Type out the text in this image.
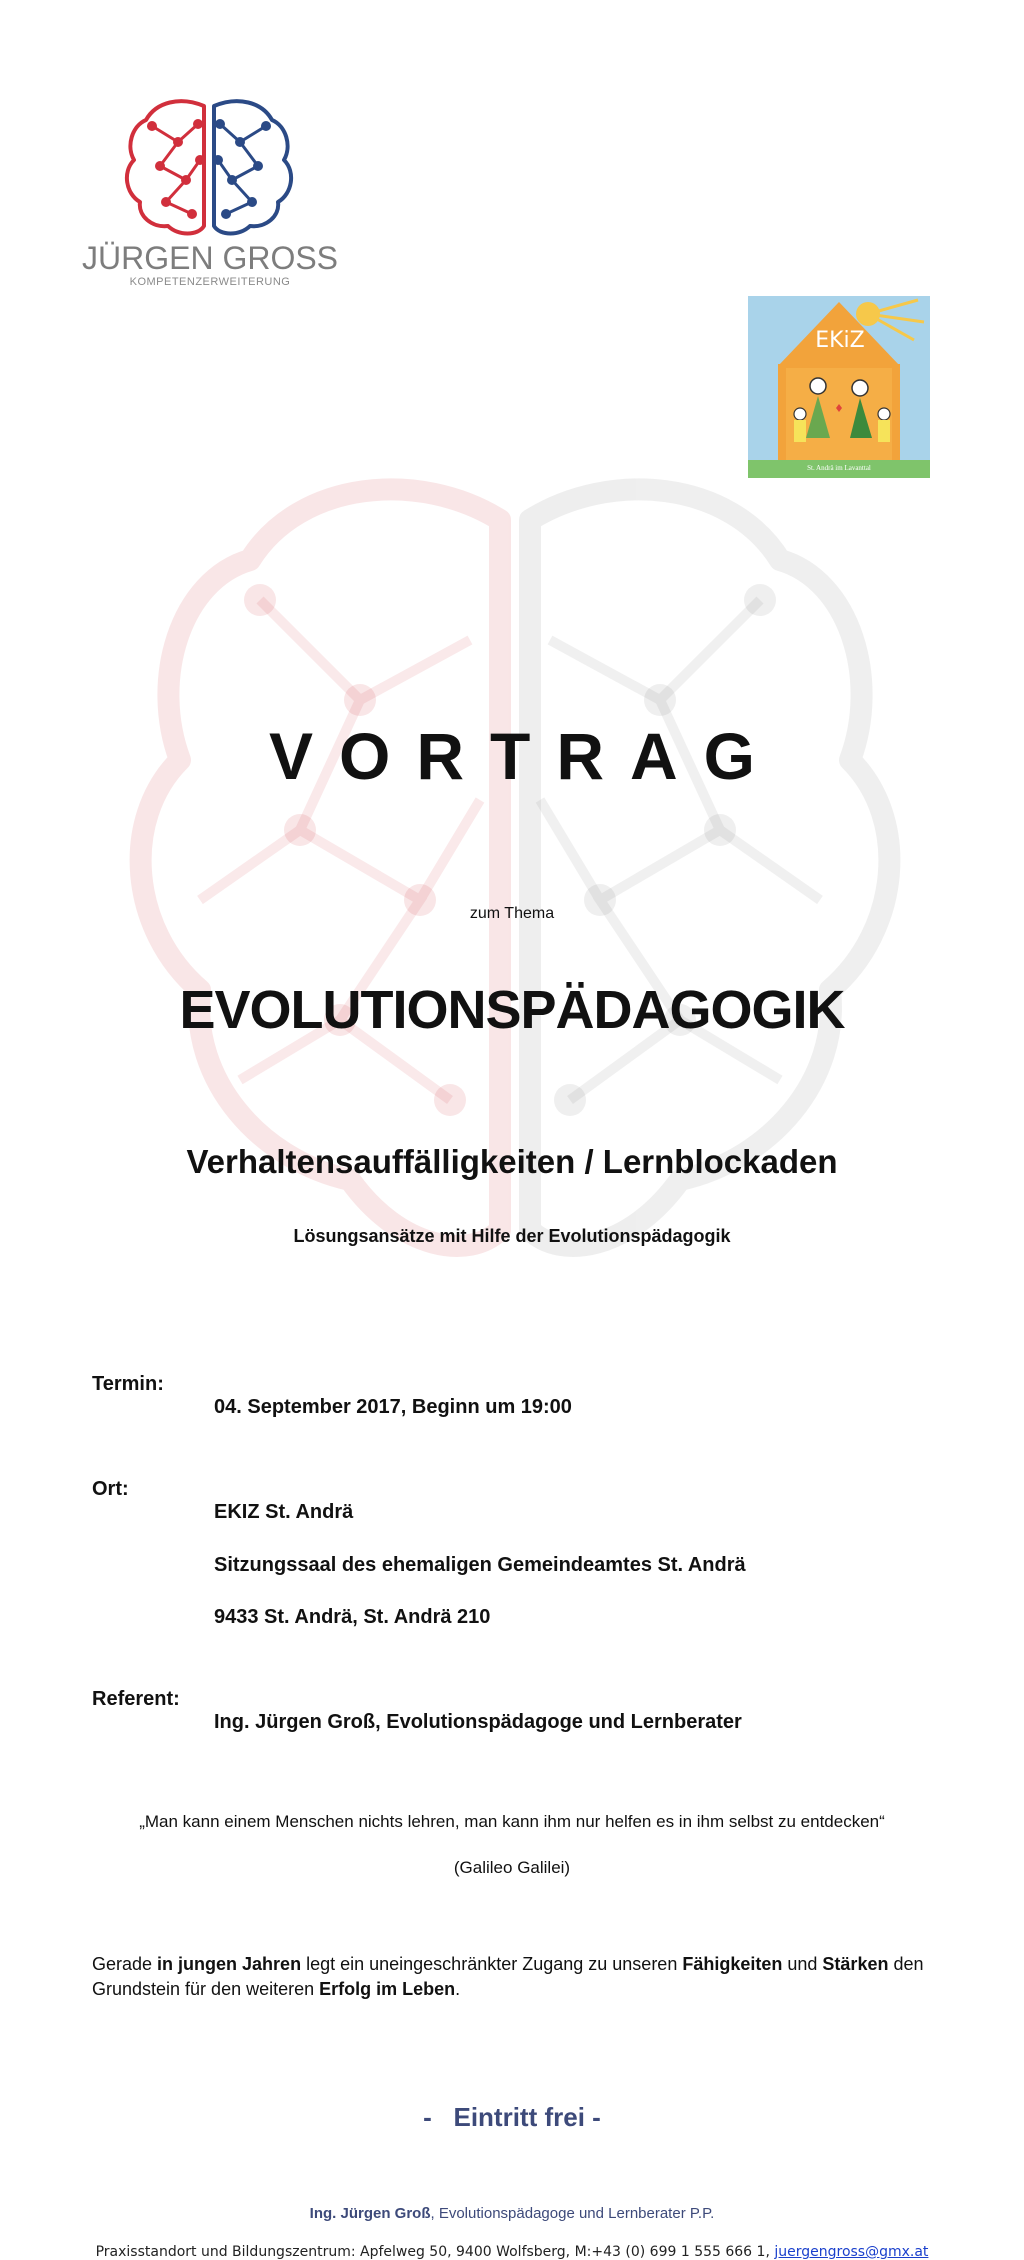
JÜRGEN GROSS
KOMPETENZERWEITERUNG
EKiZ
St. Andrä im Lavanttal
VORTRAG
zum Thema
EVOLUTIONSPÄDAGOGIK
Verhaltensauffälligkeiten / Lernblockaden
Lösungsansätze mit Hilfe der Evolutionspädagogik
Termin:
04. September 2017, Beginn um 19:00
Ort:
EKIZ St. Andrä
Sitzungssaal des ehemaligen Gemeindeamtes St. Andrä
9433 St. Andrä, St. Andrä 210
Referent:
Ing. Jürgen Groß, Evolutionspädagoge und Lernberater
„Man kann einem Menschen nichts lehren, man kann ihm nur helfen es in ihm selbst zu entdecken“
(Galileo Galilei)
Gerade in jungen Jahren legt ein uneingeschränkter Zugang zu unseren Fähigkeiten und Stärken den Grundstein für den weiteren Erfolg im Leben.
-   Eintritt frei -
Ing. Jürgen Groß, Evolutionspädagoge und Lernberater P.P.
Praxisstandort und Bildungszentrum: Apfelweg 50, 9400 Wolfsberg, M:+43 (0) 699 1 555 666 1, juergengross@gmx.at
